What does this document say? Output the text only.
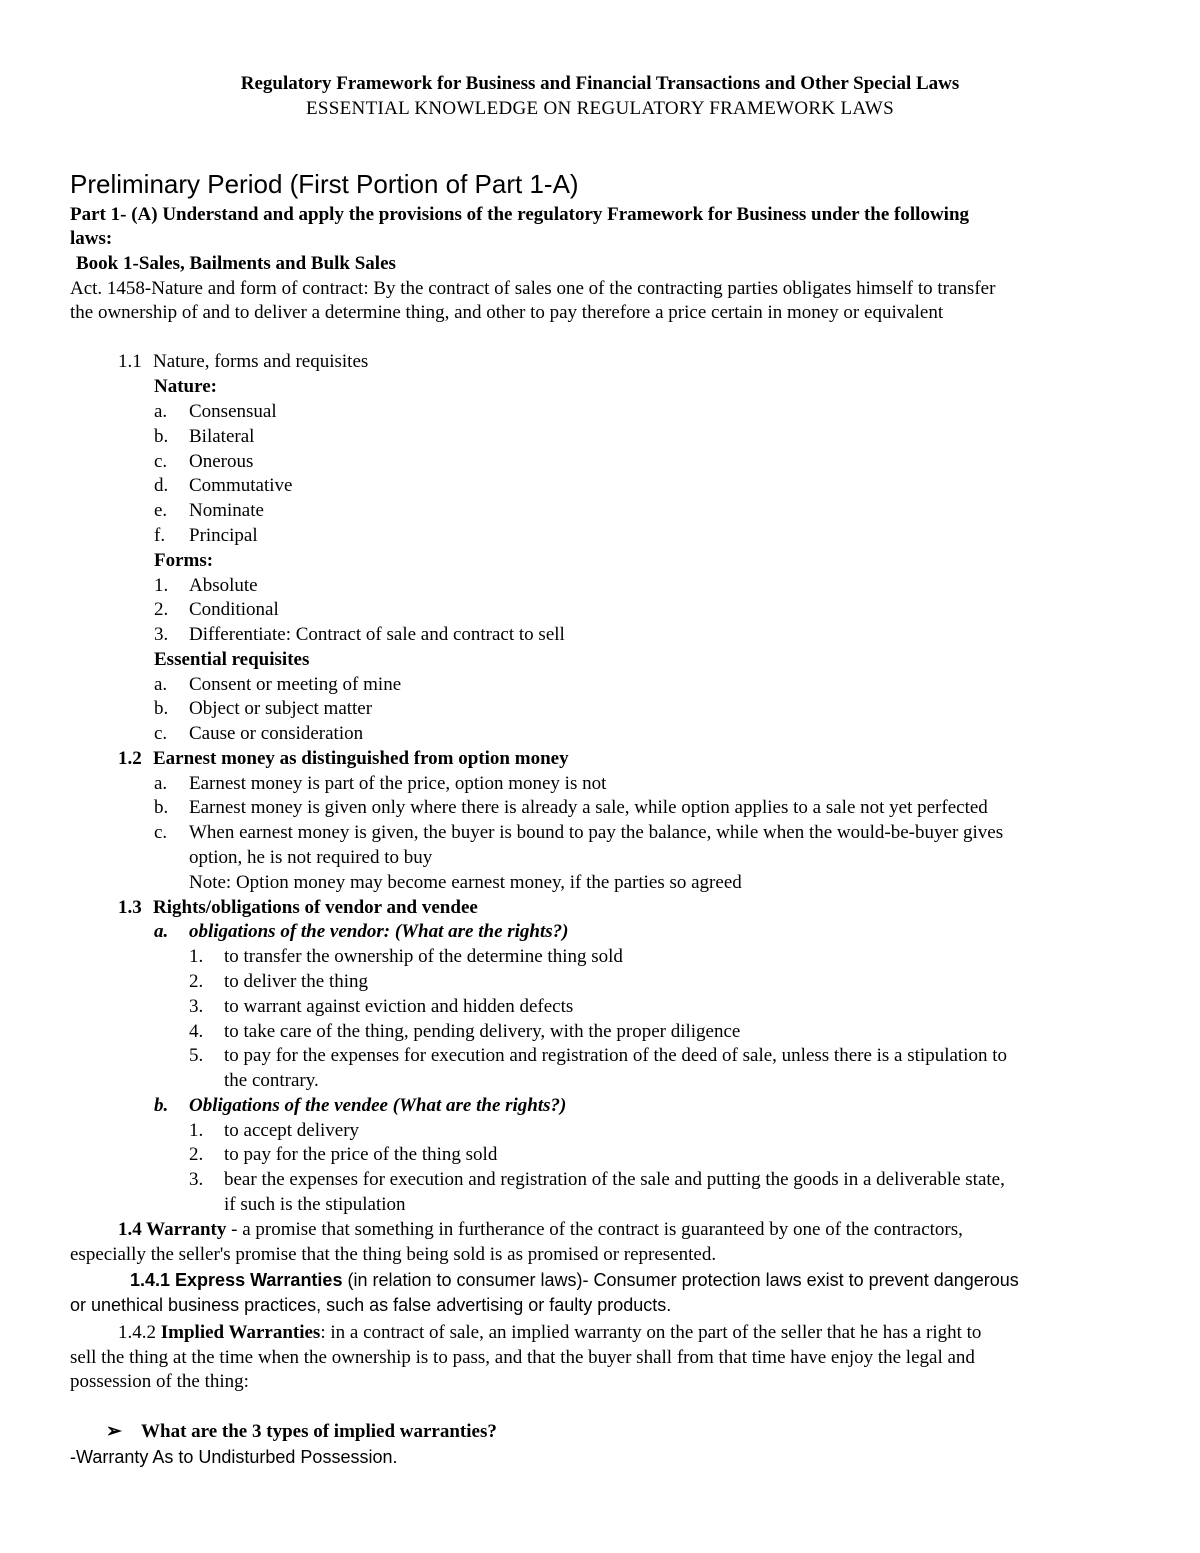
Regulatory Framework for Business and Financial Transactions and Other Special Laws
ESSENTIAL KNOWLEDGE ON REGULATORY FRAMEWORK LAWS
Preliminary Period (First Portion of Part 1-A)
Part 1- (A) Understand and apply the provisions of the regulatory Framework for Business under the following
laws:
Book 1-Sales, Bailments and Bulk Sales
Act. 1458-Nature and form of contract: By the contract of sales one of the contracting parties obligates himself to transfer
the ownership of and to deliver a determine thing, and other to pay therefore a price certain in money or equivalent
1.1 Nature, forms and requisites
Nature:
a. Consensual
b. Bilateral
c. Onerous
d. Commutative
e. Nominate
f. Principal
Forms:
1. Absolute
2. Conditional
3. Differentiate: Contract of sale and contract to sell
Essential requisites
a. Consent or meeting of mine
b. Object or subject matter
c. Cause or consideration
1.2 Earnest money as distinguished from option money
a. Earnest money is part of the price, option money is not
b. Earnest money is given only where there is already a sale, while option applies to a sale not yet perfected
c. When earnest money is given, the buyer is bound to pay the balance, while when the would-be-buyer gives
option, he is not required to buy
Note: Option money may become earnest money, if the parties so agreed
1.3 Rights/obligations of vendor and vendee
a. obligations of the vendor: (What are the rights?)
1. to transfer the ownership of the determine thing sold
2. to deliver the thing
3. to warrant against eviction and hidden defects
4. to take care of the thing, pending delivery, with the proper diligence
5. to pay for the expenses for execution and registration of the deed of sale, unless there is a stipulation to
the contrary.
b. Obligations of the vendee (What are the rights?)
1. to accept delivery
2. to pay for the price of the thing sold
3. bear the expenses for execution and registration of the sale and putting the goods in a deliverable state,
if such is the stipulation
1.4 Warranty - a promise that something in furtherance of the contract is guaranteed by one of the contractors,
especially the seller's promise that the thing being sold is as promised or represented.
1.4.1 Express Warranties (in relation to consumer laws)- Consumer protection laws exist to prevent dangerous
or unethical business practices, such as false advertising or faulty products.
1.4.2 Implied Warranties: in a contract of sale, an implied warranty on the part of the seller that he has a right to
sell the thing at the time when the ownership is to pass, and that the buyer shall from that time have enjoy the legal and
possession of the thing:
➢ What are the 3 types of implied warranties?
-Warranty As to Undisturbed Possession.
